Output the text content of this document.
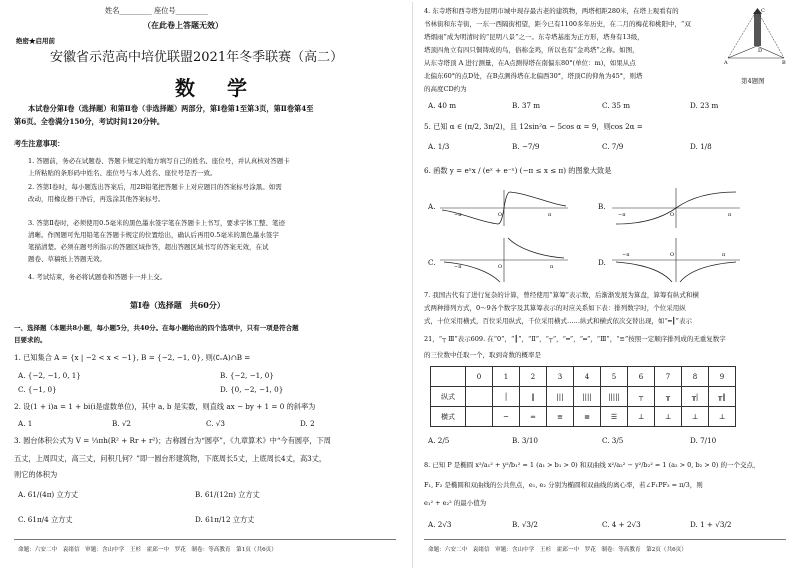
姓名_________ 座位号_________
（在此卷上答题无效）
绝密★启用前
安徽省示范高中培优联盟2021年冬季联赛（高二）
数　学
本试卷分第Ⅰ卷（选择题）和第Ⅱ卷（非选择题）两部分，第Ⅰ卷第1至第3页，第Ⅱ卷第4至
第6页。全卷满分150分，考试时间120分钟。
考生注意事项：
1. 答题前，务必在试题卷、答题卡规定的地方填写自己的姓名、座位号，并认真核对答题卡
上所粘贴的条形码中姓名、座位号与本人姓名、座位号是否一致。
2. 答第Ⅰ卷时，每小题选出答案后，用2B铅笔把答题卡上对应题目的答案标号涂黑。如需
改动，用橡皮擦干净后，再选涂其他答案标号。
3. 答第Ⅱ卷时，必须使用0.5毫米的黑色墨水签字笔在答题卡上书写，要求字体工整、笔迹
清晰。作图题可先用铅笔在答题卡规定的位置绘出，确认后再用0.5毫米的黑色墨水签字
笔描清楚。必须在题号所指示的答题区域作答，超出答题区域书写的答案无效，在试
题卷、草稿纸上答题无效。
4. 考试结束，务必将试题卷和答题卡一并上交。
第Ⅰ卷（选择题　共60分）
一、选择题（本题共8小题，每小题5分，共40分。在每小题给出的四个选项中，只有一项是符合题
目要求的。
1. 已知集合 A = {x | −2 < x < −1}, B = {−2, −1, 0}, 则(∁ᵣA)∩B =
A. {−2, −1, 0, 1}	B. {−2, −1, 0}
C. {−1, 0}	D. {0, −2, −1, 0}
2. 设(1 + i)a = 1 + bi(i是虚数单位)，其中 a, b 是实数，则直线 ax − by + 1 = 0 的斜率为
A. 1	B. √2	C. √3	D. 2
3. 圆台体积公式为 V = ⅓πh(R² + Rr + r²)；古称圆台为“圆亭”，《九章算术》中“今有圆亭，下周
五丈，上周四丈，高三丈，问积几何？”即一圆台形建筑物，下底周长5丈，上底周长4丈，高3丈，
则它的体积为
A. 61/(4π) 立方丈	B. 61/(12π) 立方丈
C. 61π/4 立方丈	D. 61π/12 立方丈
命题：六安二中　袁绪信　审题：含山中学　王杉　霍邱一中　罗花　制卷：等高教育　第1页（共6页）
4. 东寺塔和西寺塔为昆明市城中现存最古老的建筑物，两塔相距280米，在塔上观看有的
书林街和东寺街，一东一西隔街相望，距今已有1100多年历史，在二月的梅花和桃阳中，“双
塔烟雨”成为明清时的“昆明八景”之一。东寺塔基座为正方形，塔身有13级，
塔顶四角立有四只铜铸成的鸟，俗称金鸡，所以也有“金鸡塔”之称。如图，
从东寺塔顶 A 进行测量，在A点测得塔在南偏东80°(单位：m)，如果从点
北偏东60°的点D处，在B点测得塔在北偏西30°，塔顶C的仰角为45°，则塔
的高度CD约为
C
D
A	B
第4题图
A. 40 m	B. 37 m	C. 35 m	D. 23 m
5. 已知 α ∈ (π/2, 3π/2)，且 12sin²α − 5cos α = 9，则cos 2α =
A. 1/3	B. −7/9	C. 7/9	D. 1/8
6. 函数 y = eˣx / (eˣ + e⁻ˣ) (−π ≤ x ≤ π) 的图象大致是
A.
−π	O	π
B.
−π	O	π
C.	−π	O	π	D.
−π	O	π
7. 我国古代有了进行复杂的计算，曾经使用“算筹”表示数，后渐渐发展为算盘，算筹有纵式和横
式两种排列方式，0～9各个数字及其算筹表示的对应关系如下表：排列数字时，个位采用纵
式，十位采用横式，百位采用纵式，千位采用横式……纵式和横式依次交替出现，如“━┃”表示
21，“┬ Ⅲ”表示609. 在“0”，“┃”，“Ⅱ”，“┬”，“━”，“═”，“Ⅲ”，“≡”按照一定顺序排列成的无重复数字
的三位数中任取一个，取到奇数的概率是
	0	1	2	3	4	5	6	7	8	9
纵式		│	‖	|||	||||	|||||	┬	╥	╥|	╥‖
横式		─	═	≡	≣	☰	⊥	⊥	⊥	⊥
A. 2/5	B. 3/10	C. 3/5	D. 7/10
8. 已知 P 是椭圆 x²/a₁² + y²/b₁² = 1 (a₁ > b₁ > 0) 和双曲线 x²/a₂² − y²/b₂² = 1 (a₂ > 0, b₂ > 0) 的一个交点，
F₁, F₂ 是椭圆和双曲线的公共焦点，e₁, e₂ 分别为椭圆和双曲线的离心率，若∠F₁PF₂ = π/3，则
e₁² + e₂² 的最小值为
A. 2√3	B. √3/2	C. 4 + 2√3	D. 1 + √3/2
命题：六安二中　袁绪信　审题：含山中学　王杉　霍邱一中　罗花　制卷：等高教育　第2页（共6页）
